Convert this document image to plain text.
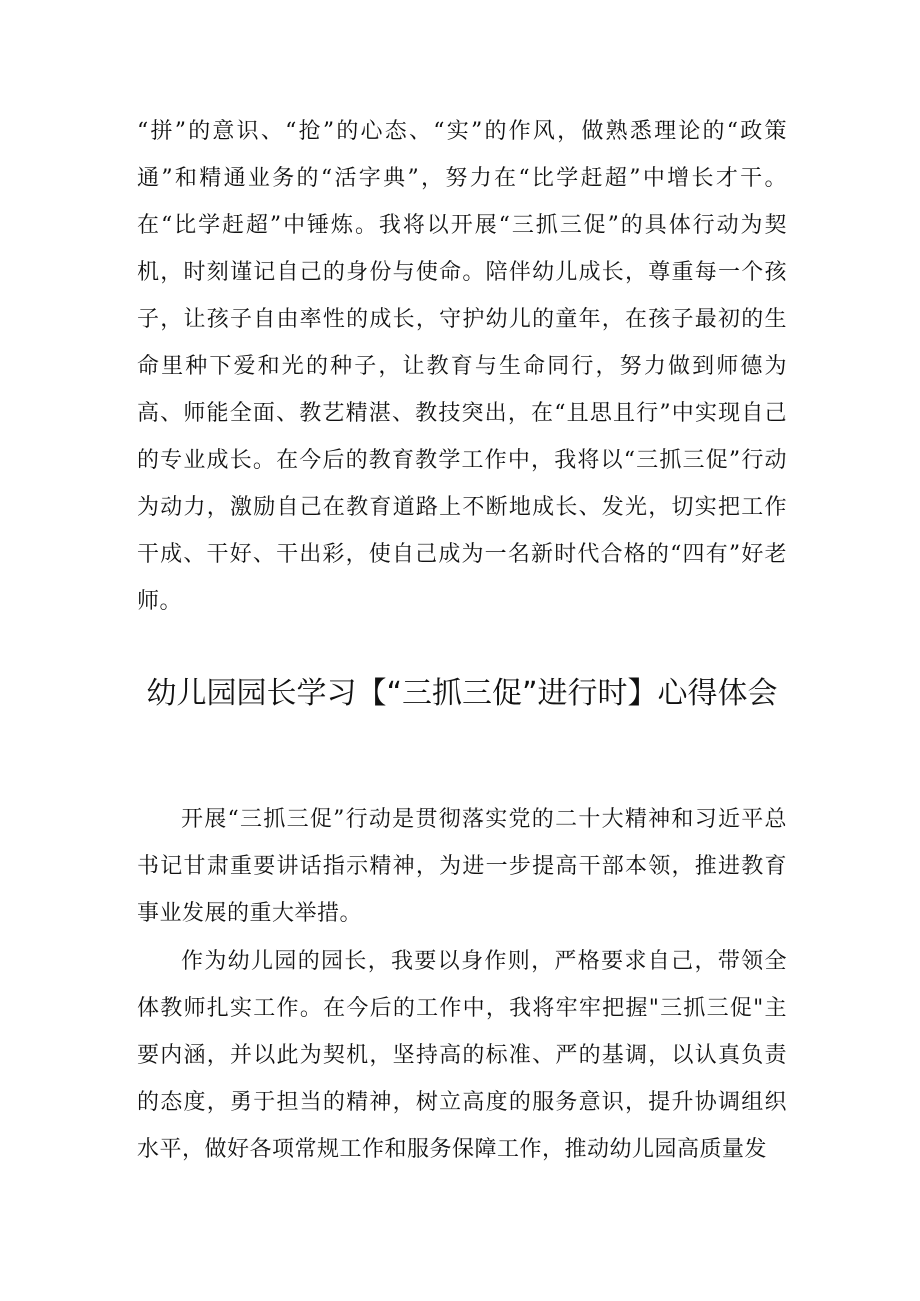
“拼”的意识、“抢”的心态、“实”的作风，做熟悉理论的“政策通”和精通业务的“活字典”，努力在“比学赶超”中增长才干。在“比学赶超”中锤炼。我将以开展“三抓三促”的具体行动为契机，时刻谨记自己的身份与使命。陪伴幼儿成长，尊重每一个孩子，让孩子自由率性的成长，守护幼儿的童年，在孩子最初的生命里种下爱和光的种子，让教育与生命同行，努力做到师德为高、师能全面、教艺精湛、教技突出，在“且思且行”中实现自己的专业成长。在今后的教育教学工作中，我将以“三抓三促”行动为动力，激励自己在教育道路上不断地成长、发光，切实把工作干成、干好、干出彩，使自己成为一名新时代合格的“四有”好老师。

幼儿园园长学习【“三抓三促”进行时】心得体会

开展“三抓三促”行动是贯彻落实党的二十大精神和习近平总书记甘肃重要讲话指示精神，为进一步提高干部本领，推进教育事业发展的重大举措。

作为幼儿园的园长，我要以身作则，严格要求自己，带领全体教师扎实工作。在今后的工作中，我将牢牢把握"三抓三促"主要内涵，并以此为契机，坚持高的标准、严的基调，以认真负责的态度，勇于担当的精神，树立高度的服务意识，提升协调组织水平，做好各项常规工作和服务保障工作，推动幼儿园高质量发
